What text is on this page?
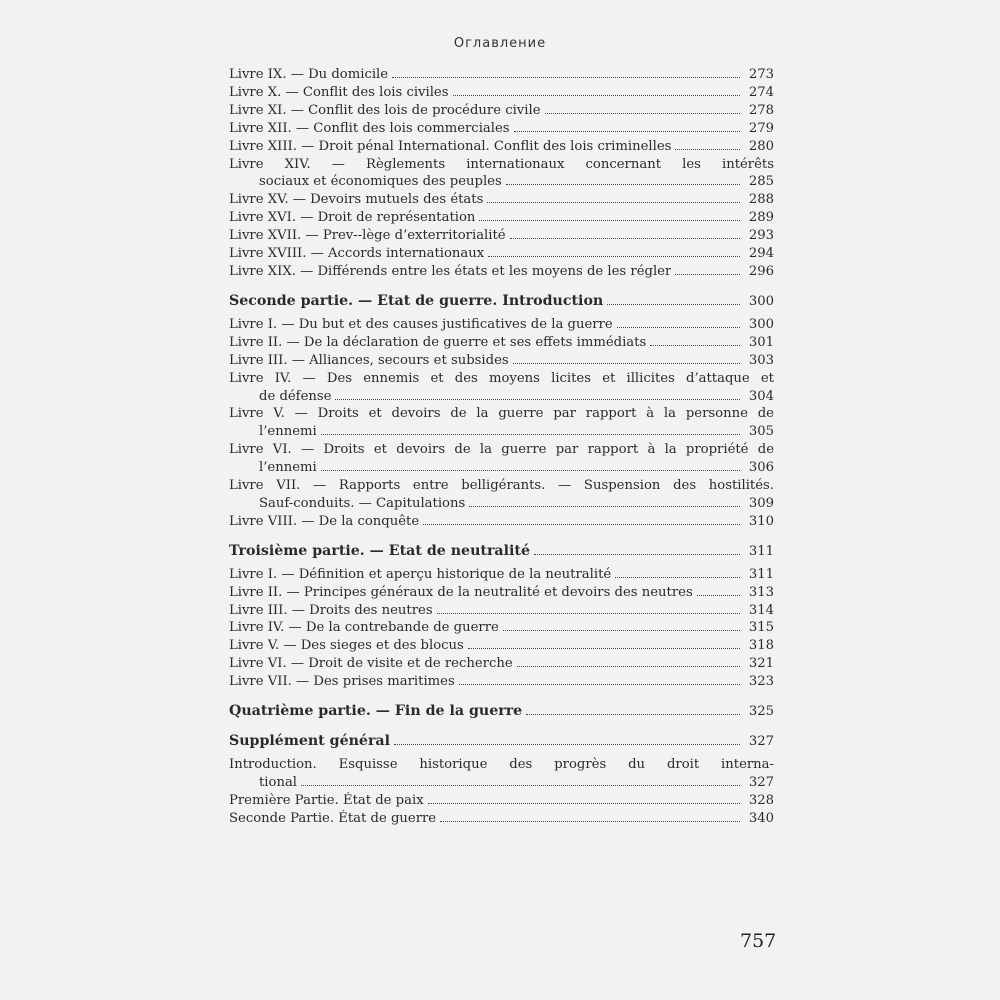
Оглавление
Livre IX. — Du domicile	273
Livre X. — Conflit des lois civiles	274
Livre XI. — Conflit des lois de procédure civile	278
Livre XII. — Conflit des lois commerciales	279
Livre XIII. — Droit pénal International. Conflit des lois criminelles	280
Livre XIV. — Règlements internationaux concernant les intérêts
sociaux et économiques des peuples	285
Livre XV. — Devoirs mutuels des états	288
Livre XVI. — Droit de représentation	289
Livre XVII. — Prev--lège d’exterritorialité	293
Livre XVIII. — Accords internationaux	294
Livre XIX. — Différends entre les états et les moyens de les régler	296
Seconde partie. — Etat de guerre. Introduction	300
Livre I. — Du but et des causes justificatives de la guerre	300
Livre II. — De la déclaration de guerre et ses effets immédiats	301
Livre III. — Alliances, secours et subsides	303
Livre IV. — Des ennemis et des moyens licites et illicites d’attaque et
de défense	304
Livre V. — Droits et devoirs de la guerre par rapport à la personne de
l’ennemi	305
Livre VI. — Droits et devoirs de la guerre par rapport à la propriété de
l’ennemi	306
Livre VII. — Rapports entre belligérants. — Suspension des hostilités.
Sauf-conduits. — Capitulations	309
Livre VIII. — De la conquête	310
Troisième partie. — Etat de neutralité	311
Livre I. — Définition et aperçu historique de la neutralité	311
Livre II. — Principes généraux de la neutralité et devoirs des neutres	313
Livre III. — Droits des neutres	314
Livre IV. — De la contrebande de guerre	315
Livre V. — Des sieges et des blocus	318
Livre VI. — Droit de visite et de recherche	321
Livre VII. — Des prises maritimes	323
Quatrième partie. — Fin de la guerre	325
Supplément général	327
Introduction. Esquisse historique des progrès du droit interna-
tional	327
Première Partie. État de paix	328
Seconde Partie. État de guerre	340
757
